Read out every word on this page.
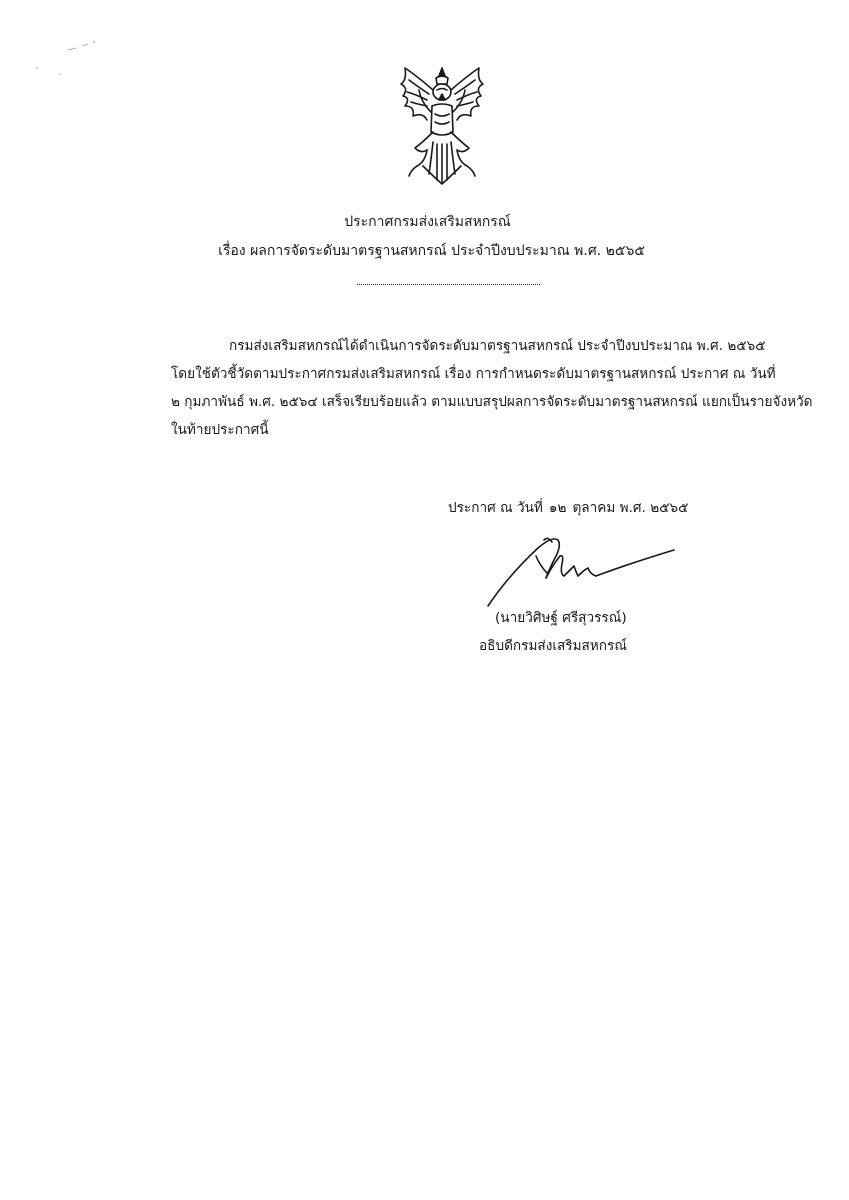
ประกาศกรมส่งเสริมสหกรณ์
เรื่อง ผลการจัดระดับมาตรฐานสหกรณ์ ประจำปีงบประมาณ พ.ศ. ๒๕๖๕
กรมส่งเสริมสหกรณ์ได้ดำเนินการจัดระดับมาตรฐานสหกรณ์ ประจำปีงบประมาณ พ.ศ. ๒๕๖๕
โดยใช้ตัวชี้วัดตามประกาศกรมส่งเสริมสหกรณ์ เรื่อง การกำหนดระดับมาตรฐานสหกรณ์ ประกาศ ณ วันที่
๒ กุมภาพันธ์ พ.ศ. ๒๕๖๔ เสร็จเรียบร้อยแล้ว ตามแบบสรุปผลการจัดระดับมาตรฐานสหกรณ์ แยกเป็นรายจังหวัด
ในท้ายประกาศนี้
ประกาศ ณ วันที่ ๑๒ ตุลาคม พ.ศ. ๒๕๖๕
(นายวิศิษฐ์ ศรีสุวรรณ์)
อธิบดีกรมส่งเสริมสหกรณ์
